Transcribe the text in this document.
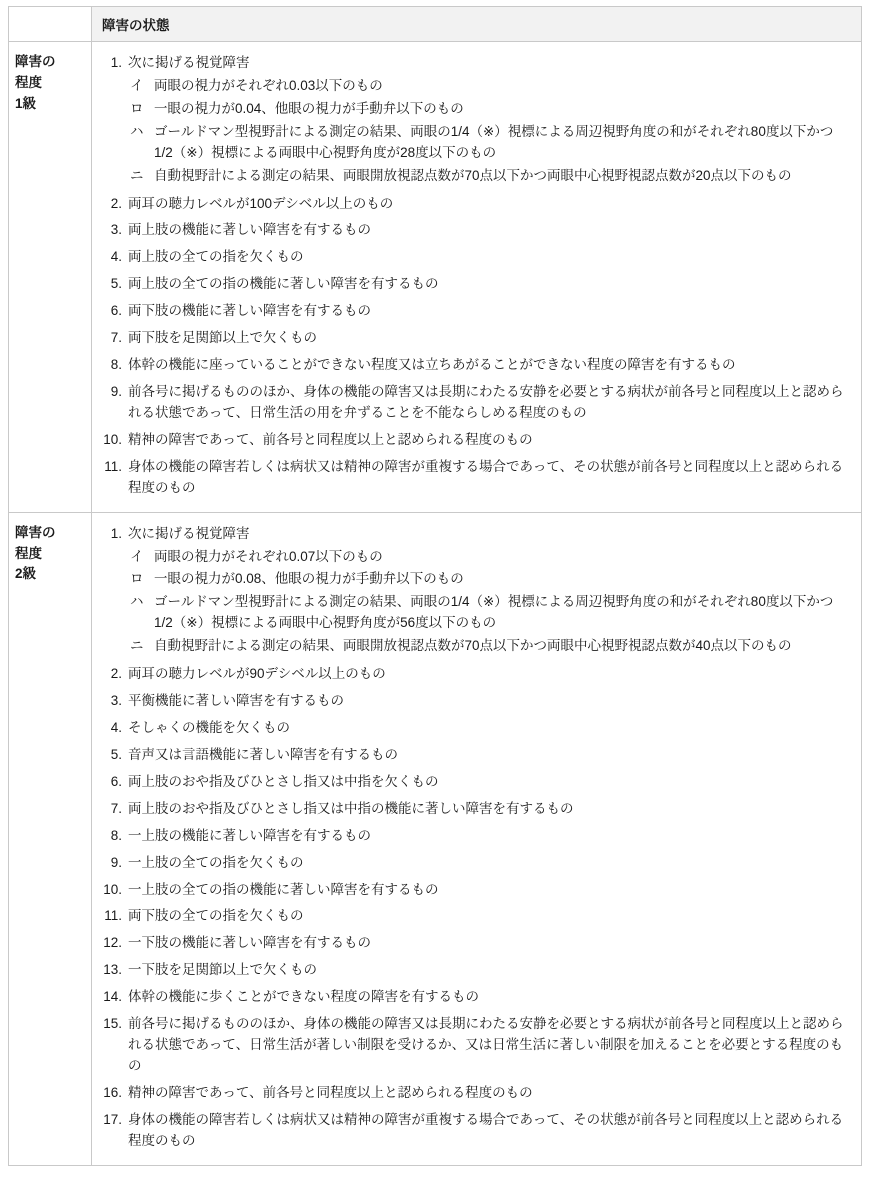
	障害の状態

障害の
程度
1級

次に掲げる視覚障害
イ 両眼の視力がそれぞれ0.03以下のもの
ロ 一眼の視力が0.04、他眼の視力が手動弁以下のもの
ハ ゴールドマン型視野計による測定の結果、両眼の1/4（※）視標による周辺視野角度の和がそれぞれ80度以下かつ1/2（※）視標による両眼中心視野角度が28度以下のもの
ニ 自動視野計による測定の結果、両眼開放視認点数が70点以下かつ両眼中心視野視認点数が20点以下のもの
両耳の聴力レベルが100デシベル以上のもの
両上肢の機能に著しい障害を有するもの
両上肢の全ての指を欠くもの
両上肢の全ての指の機能に著しい障害を有するもの
両下肢の機能に著しい障害を有するもの
両下肢を足関節以上で欠くもの
体幹の機能に座っていることができない程度又は立ちあがることができない程度の障害を有するもの
前各号に掲げるもののほか、身体の機能の障害又は長期にわたる安静を必要とする病状が前各号と同程度以上と認められる状態であって、日常生活の用を弁ずることを不能ならしめる程度のもの
精神の障害であって、前各号と同程度以上と認められる程度のもの
身体の機能の障害若しくは病状又は精神の障害が重複する場合であって、その状態が前各号と同程度以上と認められる程度のもの

障害の
程度
2級

次に掲げる視覚障害
イ 両眼の視力がそれぞれ0.07以下のもの
ロ 一眼の視力が0.08、他眼の視力が手動弁以下のもの
ハ ゴールドマン型視野計による測定の結果、両眼の1/4（※）視標による周辺視野角度の和がそれぞれ80度以下かつ1/2（※）視標による両眼中心視野角度が56度以下のもの
ニ 自動視野計による測定の結果、両眼開放視認点数が70点以下かつ両眼中心視野視認点数が40点以下のもの
両耳の聴力レベルが90デシベル以上のもの
平衡機能に著しい障害を有するもの
そしゃくの機能を欠くもの
音声又は言語機能に著しい障害を有するもの
両上肢のおや指及びひとさし指又は中指を欠くもの
両上肢のおや指及びひとさし指又は中指の機能に著しい障害を有するもの
一上肢の機能に著しい障害を有するもの
一上肢の全ての指を欠くもの
一上肢の全ての指の機能に著しい障害を有するもの
両下肢の全ての指を欠くもの
一下肢の機能に著しい障害を有するもの
一下肢を足関節以上で欠くもの
体幹の機能に歩くことができない程度の障害を有するもの
前各号に掲げるもののほか、身体の機能の障害又は長期にわたる安静を必要とする病状が前各号と同程度以上と認められる状態であって、日常生活が著しい制限を受けるか、又は日常生活に著しい制限を加えることを必要とする程度のもの
精神の障害であって、前各号と同程度以上と認められる程度のもの
身体の機能の障害若しくは病状又は精神の障害が重複する場合であって、その状態が前各号と同程度以上と認められる程度のもの
